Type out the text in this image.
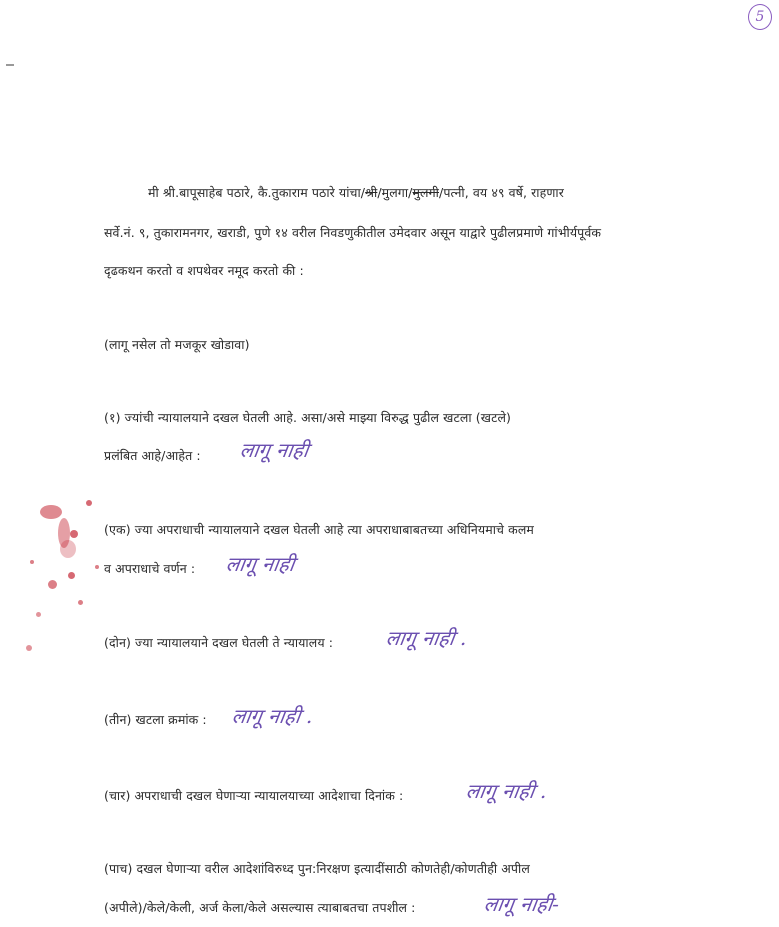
5
मी श्री.बापूसाहेब पठारे, कै.तुकाराम पठारे यांचा/श्री/मुलगा/मुलगी/पत्नी, वय ४९ वर्षे, राहणार
सर्वे.नं. ९, तुकारामनगर, खराडी, पुणे १४ वरील निवडणुकीतील उमेदवार असून याद्वारे पुढीलप्रमाणे गांभीर्यपूर्वक
दृढकथन करतो व शपथेवर नमूद करतो की :
(लागू नसेल तो मजकूर खोडावा)
(१) ज्यांची न्यायालयाने दखल घेतली आहे. असा/असे माझ्या विरुद्ध पुढील खटला (खटले)
प्रलंबित आहे/आहेत : लागू नाही
(एक) ज्या अपराधाची न्यायालयाने दखल घेतली आहे त्या अपराधाबाबतच्या अधिनियमाचे कलम
व अपराधाचे वर्णन : लागू नाही
(दोन) ज्या न्यायालयाने दखल घेतली ते न्यायालय :	लागू नाही .
(तीन) खटला क्रमांक : लागू नाही .
(चार) अपराधाची दखल घेणाऱ्या न्यायालयाच्या आदेशाचा दिनांक :	लागू नाही .
(पाच) दखल घेणाऱ्या वरील आदेशांविरुध्द पुन:निरक्षण इत्यादींसाठी कोणतेही/कोणतीही अपील
(अपीले)/केले/केली, अर्ज केला/केले असल्यास त्याबाबतचा तपशील :	लागू नाही-
